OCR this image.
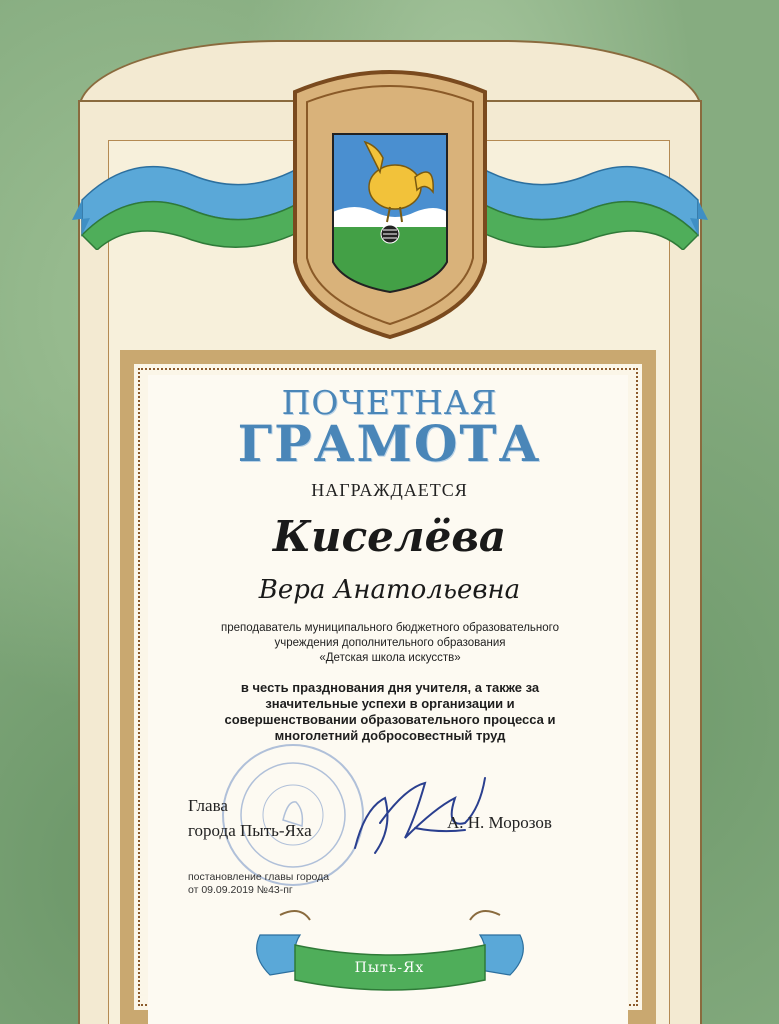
ПОЧЕТНАЯ
ГРАМОТА
НАГРАЖДАЕТСЯ
Киселёва
Вера Анатольевна
преподаватель муниципального бюджетного образовательного
учреждения дополнительного образования
«Детская школа искусств»
в честь празднования дня учителя, а также за
значительные успехи в организации и
совершенствовании образовательного процесса и
многолетний добросовестный труд
Глава
города Пыть-Яха	А. Н. Морозов
постановление главы города
от 09.09.2019 №43-пг
Пыть-Ях
